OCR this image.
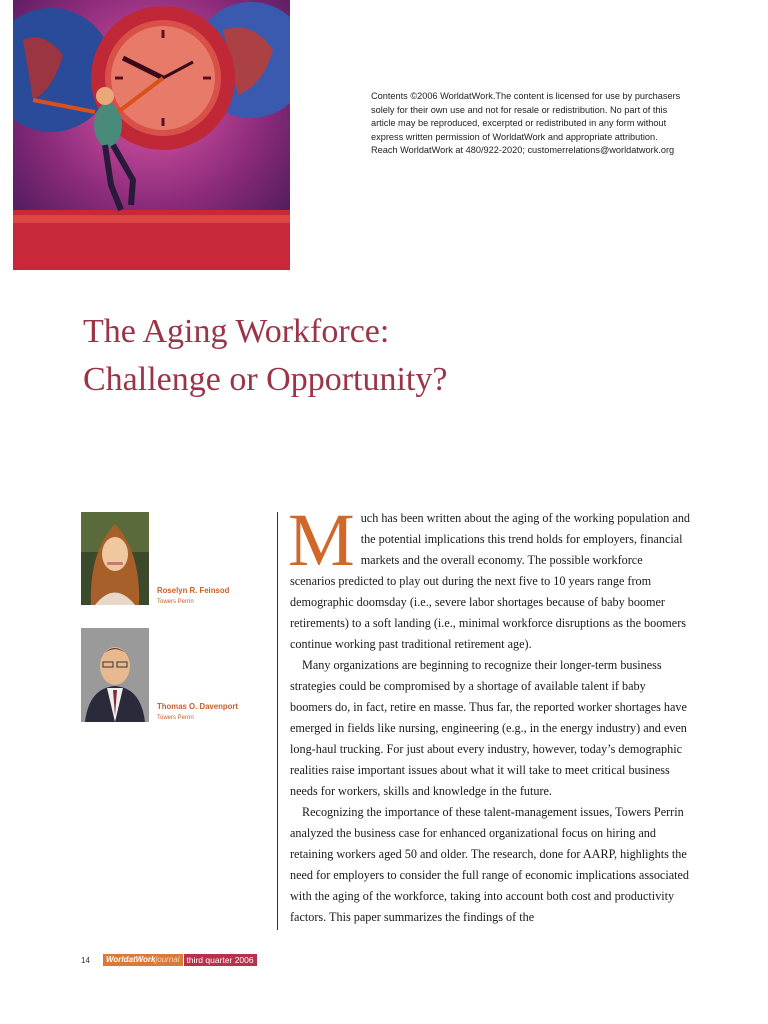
Contents ©2006 WorldatWork.The content is licensed for use by purchasers

solely for their own use and not for resale or redistribution. No part of this

article may be reproduced, excerpted or redistributed in any form without

express written permission of WorldatWork and appropriate attribution.

Reach WorldatWork at 480/922-2020; customerrelations@worldatwork.org

The Aging Workforce:
Challenge or Opportunity?
Roselyn R. Feinsod
Towers Perrin
Thomas O. Davenport
Towers Perrin
M uch has been written about the aging of the working population and the potential implications this trend holds for employers, financial markets and the overall economy. The possible workforce scenarios predicted to play out during the next five to 10 years range from demographic doomsday (i.e., severe labor shortages because of baby boomer retirements) to a soft landing (i.e., minimal workforce disruptions as the boomers continue working past traditional retirement age).

Many organizations are beginning to recognize their longer-term business strategies could be compromised by a shortage of available talent if baby boomers do, in fact, retire en masse. Thus far, the reported worker shortages have emerged in fields like nursing, engineering (e.g., in the energy industry) and even long-haul trucking. For just about every industry, however, today’s demographic realities raise important issues about what it will take to meet critical business needs for workers, skills and knowledge in the future.

Recognizing the importance of these talent-management issues, Towers Perrin analyzed the business case for enhanced organizational focus on hiring and retaining workers aged 50 and older. The research, done for AARP, highlights the need for employers to consider the full range of economic implications associated with the aging of the workforce, taking into account both cost and productivity factors. This paper summarizes the findings of the

14	WorldatWorkjournal third quarter 2006
